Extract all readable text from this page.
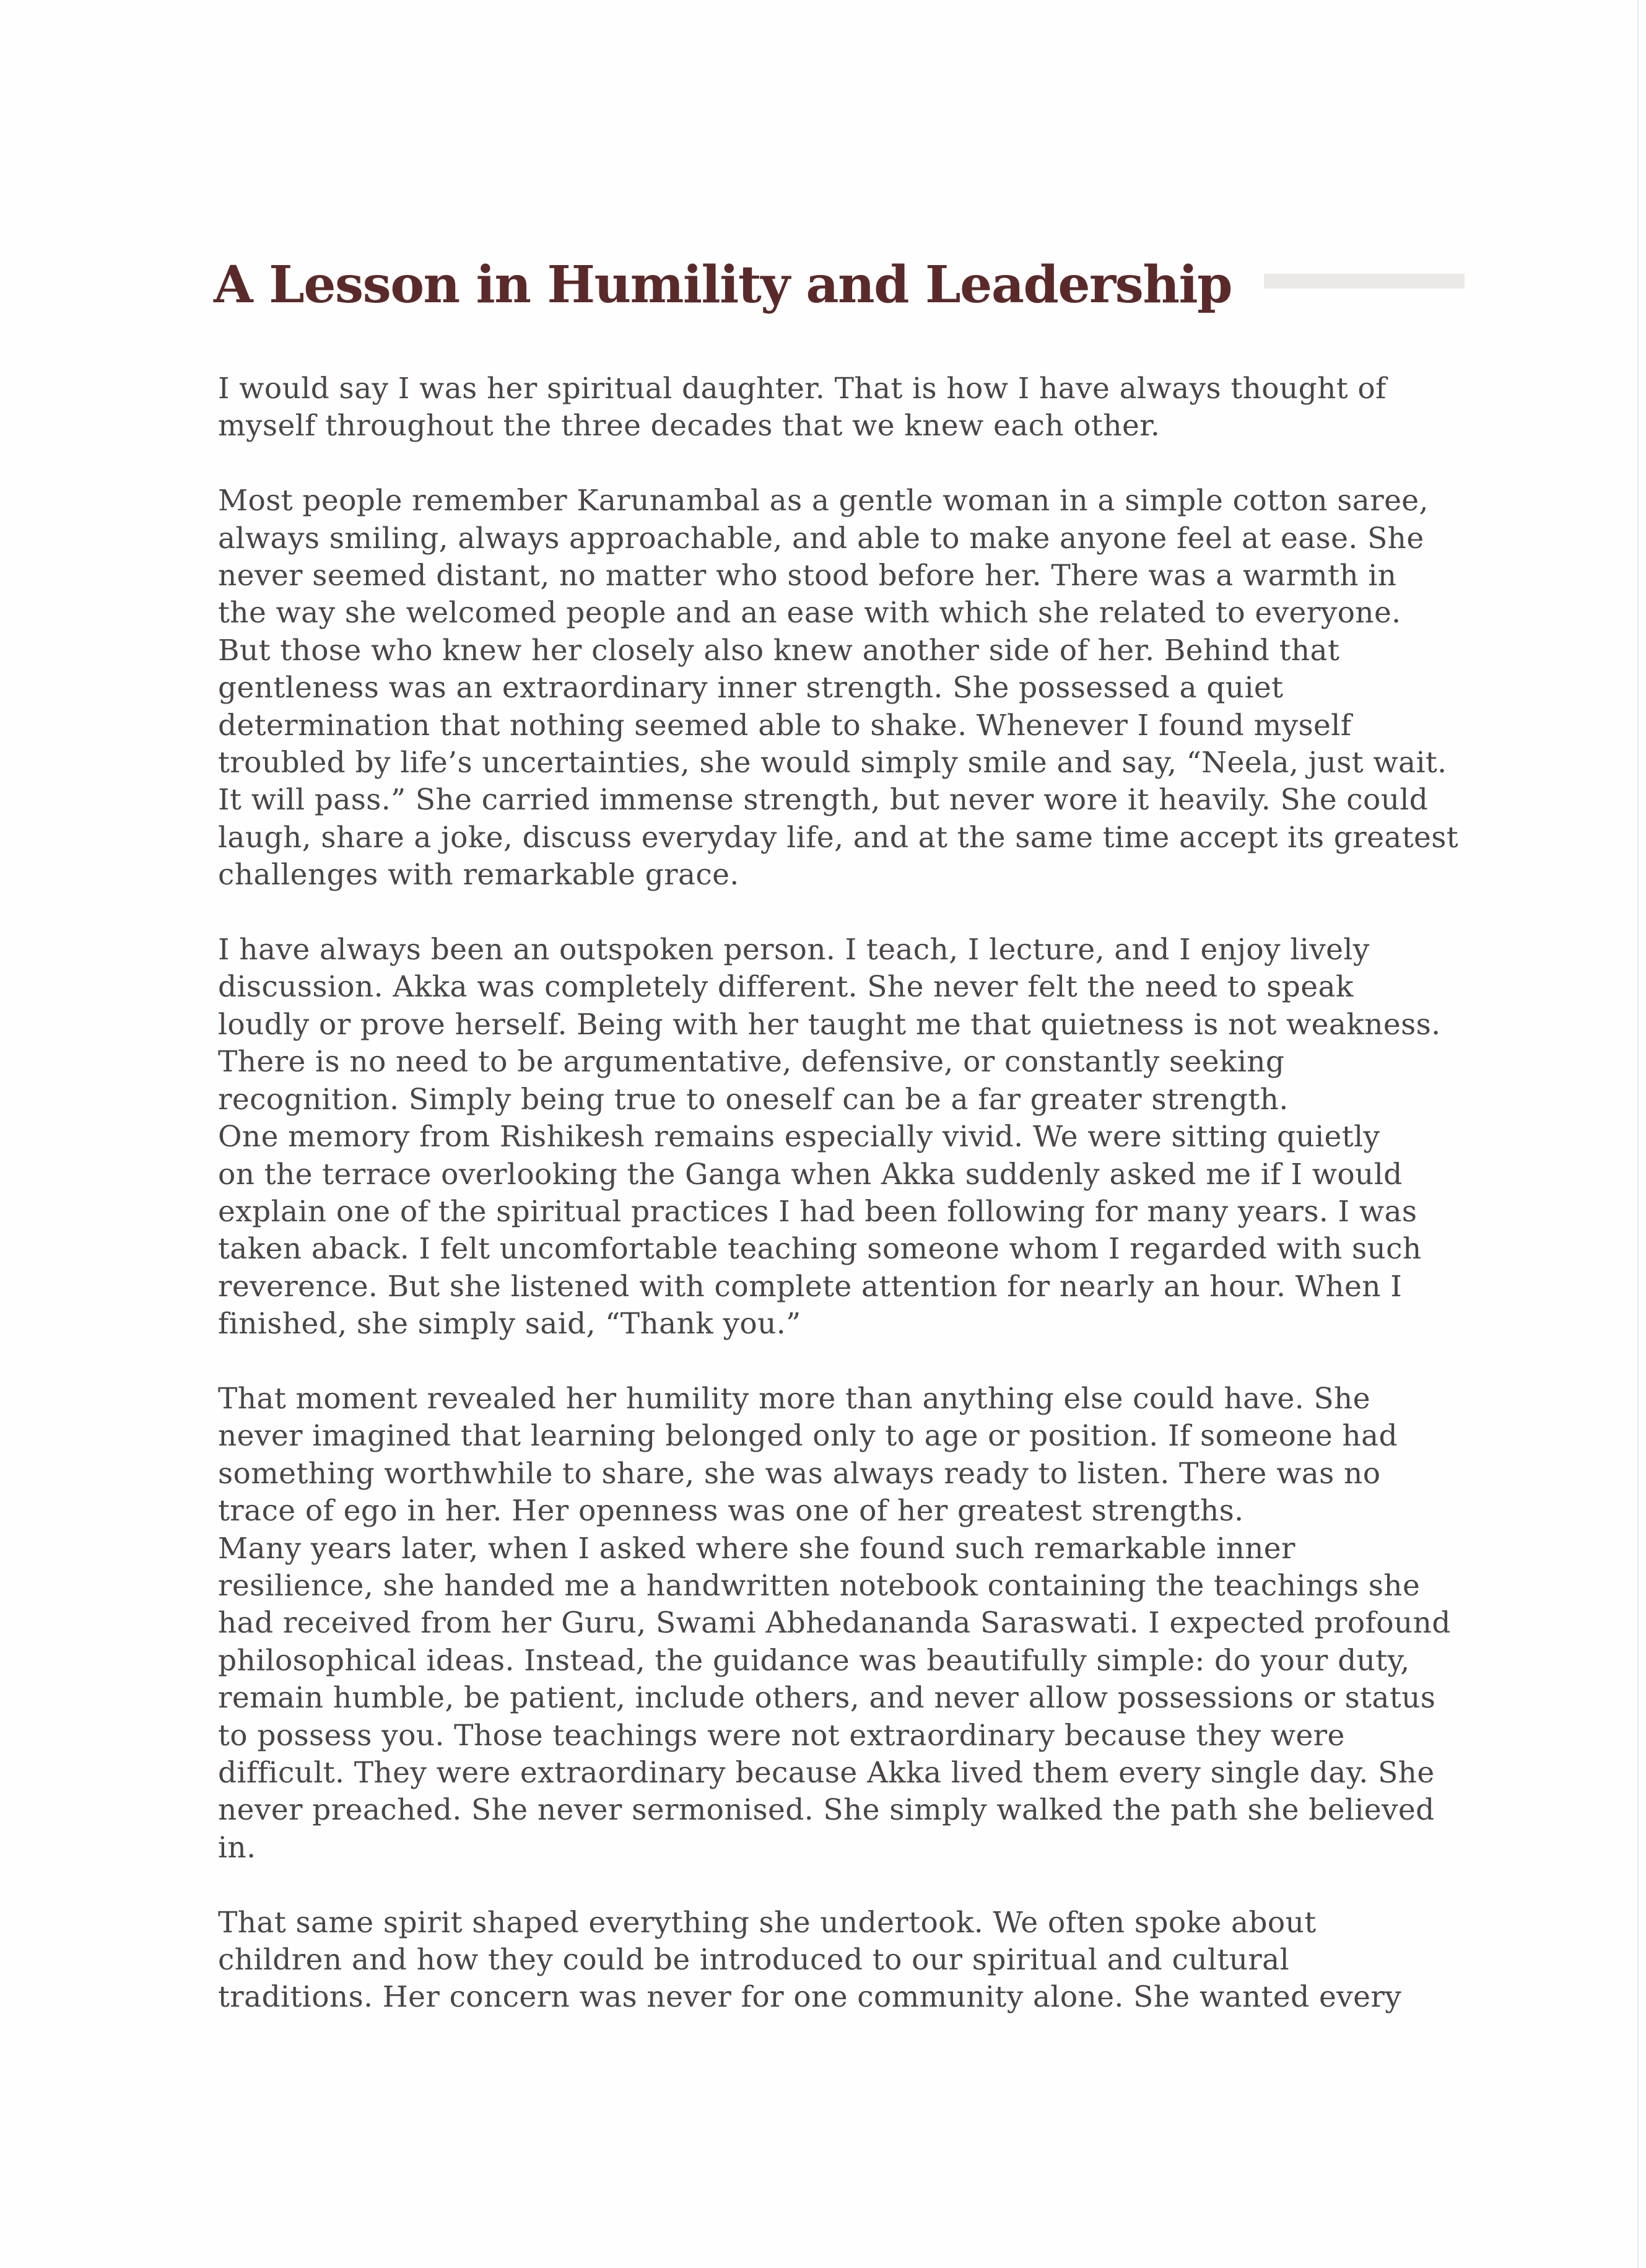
A Lesson in Humility and Leadership

I would say I was her spiritual daughter. That is how I have always thought of
myself throughout the three decades that we knew each other.

Most people remember Karunambal as a gentle woman in a simple cotton saree,
always smiling, always approachable, and able to make anyone feel at ease. She
never seemed distant, no matter who stood before her. There was a warmth in
the way she welcomed people and an ease with which she related to everyone.
But those who knew her closely also knew another side of her. Behind that
gentleness was an extraordinary inner strength. She possessed a quiet
determination that nothing seemed able to shake. Whenever I found myself
troubled by life’s uncertainties, she would simply smile and say, “Neela, just wait.
It will pass.” She carried immense strength, but never wore it heavily. She could
laugh, share a joke, discuss everyday life, and at the same time accept its greatest
challenges with remarkable grace.

I have always been an outspoken person. I teach, I lecture, and I enjoy lively
discussion. Akka was completely different. She never felt the need to speak
loudly or prove herself. Being with her taught me that quietness is not weakness.
There is no need to be argumentative, defensive, or constantly seeking
recognition. Simply being true to oneself can be a far greater strength.

One memory from Rishikesh remains especially vivid. We were sitting quietly
on the terrace overlooking the Ganga when Akka suddenly asked me if I would
explain one of the spiritual practices I had been following for many years. I was
taken aback. I felt uncomfortable teaching someone whom I regarded with such
reverence. But she listened with complete attention for nearly an hour. When I
finished, she simply said, “Thank you.”

That moment revealed her humility more than anything else could have. She
never imagined that learning belonged only to age or position. If someone had
something worthwhile to share, she was always ready to listen. There was no
trace of ego in her. Her openness was one of her greatest strengths.

Many years later, when I asked where she found such remarkable inner
resilience, she handed me a handwritten notebook containing the teachings she
had received from her Guru, Swami Abhedananda Saraswati. I expected profound
philosophical ideas. Instead, the guidance was beautifully simple: do your duty,
remain humble, be patient, include others, and never allow possessions or status
to possess you. Those teachings were not extraordinary because they were
difficult. They were extraordinary because Akka lived them every single day. She
never preached. She never sermonised. She simply walked the path she believed
in.

That same spirit shaped everything she undertook. We often spoke about
children and how they could be introduced to our spiritual and cultural
traditions. Her concern was never for one community alone. She wanted every
